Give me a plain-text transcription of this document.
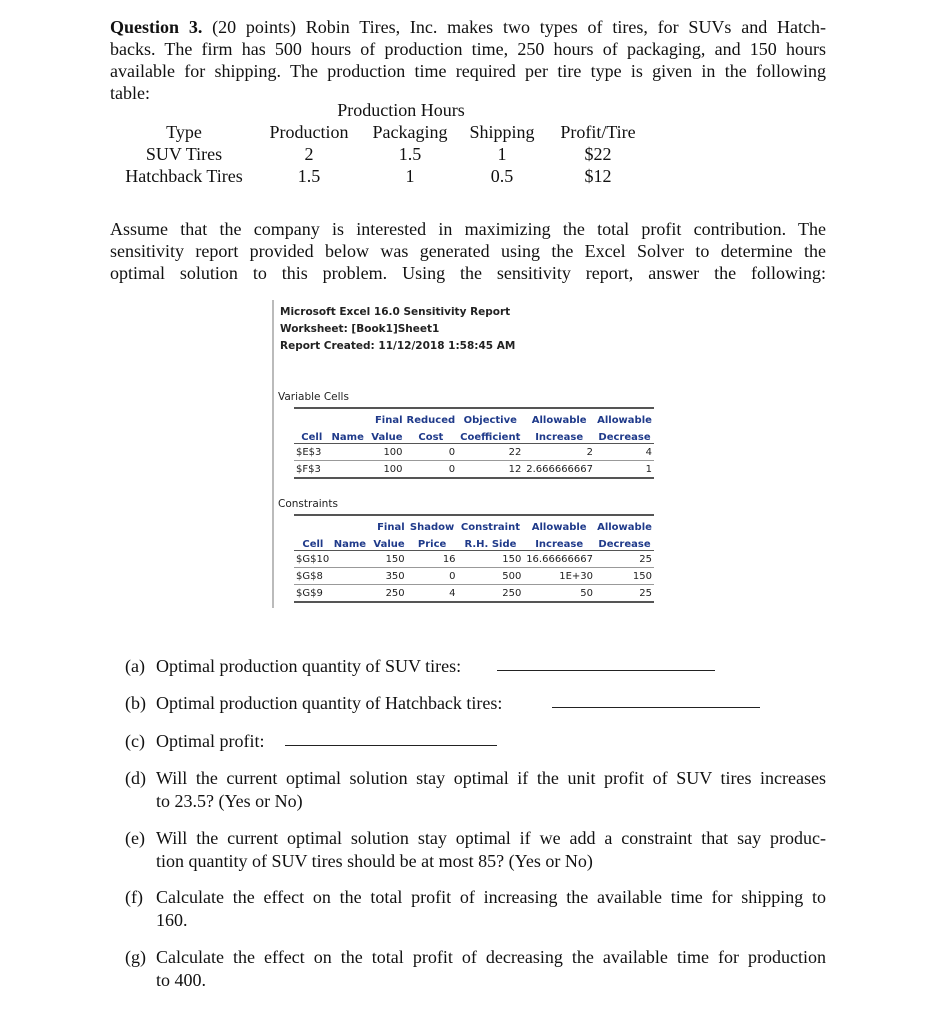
Question 3. (20 points) Robin Tires, Inc. makes two types of tires, for SUVs and Hatch-
backs. The firm has 500 hours of production time, 250 hours of packaging, and 150 hours
available for shipping. The production time required per tire type is given in the following
table:
Production Hours
Type	Production Packaging Shipping Profit/Tire
SUV Tires	2	1.5	1	$22
Hatchback Tires	1.5	1	0.5	$12
Assume that the company is interested in maximizing the total profit contribution. The
sensitivity report provided below was generated using the Excel Solver to determine the
optimal solution to this problem. Using the sensitivity report, answer the following:
Microsoft Excel 16.0 Sensitivity Report
Worksheet: [Book1]Sheet1
Report Created: 11/12/2018 1:58:45 AM
Variable Cells
		Final	Reduced	Objective	Allowable	Allowable
Cell	Name	Value	Cost	Coefficient	Increase	Decrease
$E$3		100	0	22	2	4
$F$3		100	0	12	2.666666667	1
Constraints
		Final	Shadow	Constraint	Allowable	Allowable
Cell	Name	Value	Price	R.H. Side	Increase	Decrease
$G$10		150	16	150	16.66666667	25
$G$8		350	0	500	1E+30	150
$G$9		250	4	250	50	25
(a) Optimal production quantity of SUV tires:
(b) Optimal production quantity of Hatchback tires:
(c) Optimal profit:
(d) Will the current optimal solution stay optimal if the unit profit of SUV tires increases
to 23.5? (Yes or No)
(e) Will the current optimal solution stay optimal if we add a constraint that say produc-
tion quantity of SUV tires should be at most 85? (Yes or No)
(f) Calculate the effect on the total profit of increasing the available time for shipping to
160.
(g) Calculate the effect on the total profit of decreasing the available time for production
to 400.
